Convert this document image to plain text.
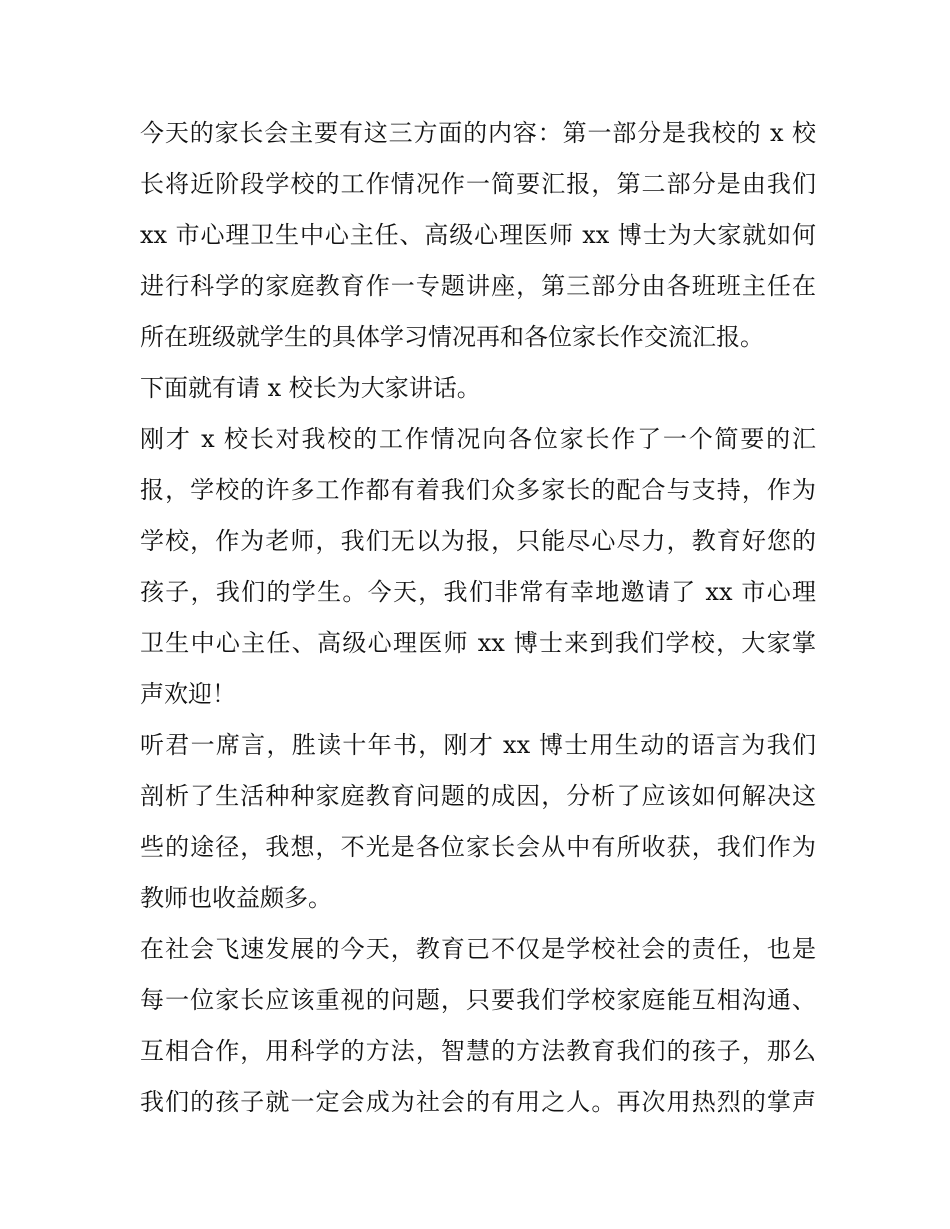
今天的家长会主要有这三方面的内容：第一部分是我校的 x 校
长将近阶段学校的工作情况作一简要汇报，第二部分是由我们
xx 市心理卫生中心主任、高级心理医师 xx 博士为大家就如何
进行科学的家庭教育作一专题讲座，第三部分由各班班主任在
所在班级就学生的具体学习情况再和各位家长作交流汇报。
下面就有请 x 校长为大家讲话。
刚才 x 校长对我校的工作情况向各位家长作了一个简要的汇
报，学校的许多工作都有着我们众多家长的配合与支持，作为
学校，作为老师，我们无以为报，只能尽心尽力，教育好您的
孩子，我们的学生。今天，我们非常有幸地邀请了 xx 市心理
卫生中心主任、高级心理医师 xx 博士来到我们学校，大家掌
声欢迎！
听君一席言，胜读十年书，刚才 xx 博士用生动的语言为我们
剖析了生活种种家庭教育问题的成因，分析了应该如何解决这
些的途径，我想，不光是各位家长会从中有所收获，我们作为
教师也收益颇多。
在社会飞速发展的今天，教育已不仅是学校社会的责任，也是
每一位家长应该重视的问题，只要我们学校家庭能互相沟通、
互相合作，用科学的方法，智慧的方法教育我们的孩子，那么
我们的孩子就一定会成为社会的有用之人。再次用热烈的掌声
